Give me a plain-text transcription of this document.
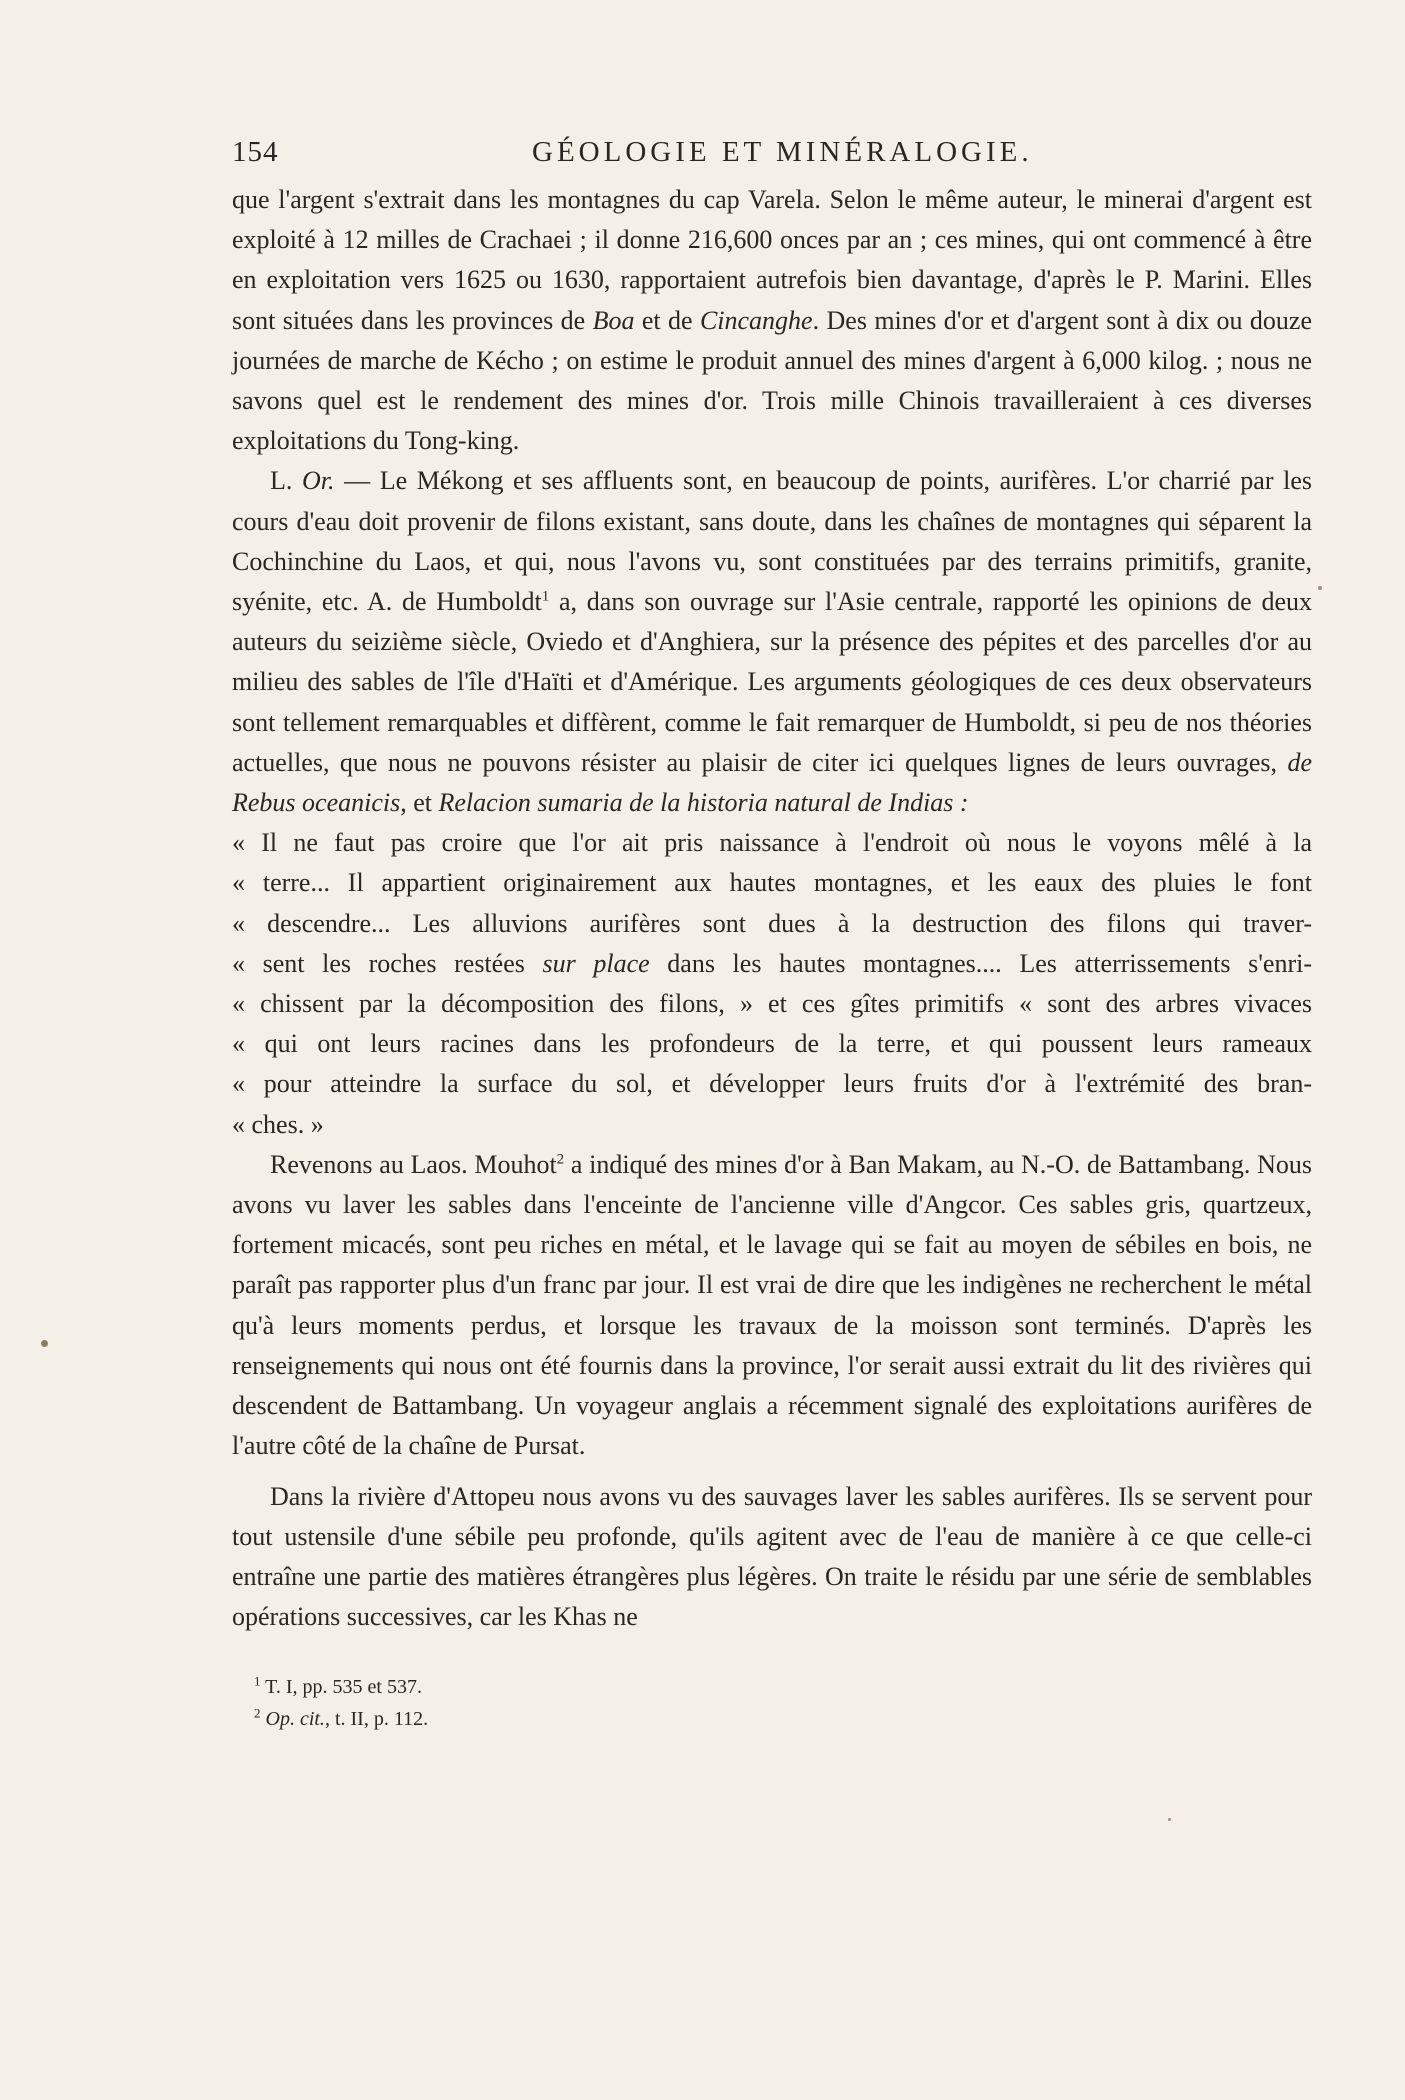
154	GÉOLOGIE ET MINÉRALOGIE.

que l'argent s'extrait dans les montagnes du cap Varela. Selon le même auteur, le minerai d'argent est exploité à 12 milles de Crachaei ; il donne 216,600 onces par an ; ces mines, qui ont commencé à être en exploitation vers 1625 ou 1630, rapportaient autrefois bien davantage, d'après le P. Marini. Elles sont situées dans les provinces de Boa et de Cincanghe. Des mines d'or et d'argent sont à dix ou douze journées de marche de Kécho ; on estime le produit annuel des mines d'argent à 6,000 kilog. ; nous ne savons quel est le rendement des mines d'or. Trois mille Chinois travailleraient à ces diverses exploitations du Tong-king.

L. Or. — Le Mékong et ses affluents sont, en beaucoup de points, aurifères. L'or charrié par les cours d'eau doit provenir de filons existant, sans doute, dans les chaînes de montagnes qui séparent la Cochinchine du Laos, et qui, nous l'avons vu, sont constituées par des terrains primitifs, granite, syénite, etc. A. de Humboldt$^1$ a, dans son ouvrage sur l'Asie centrale, rapporté les opinions de deux auteurs du seizième siècle, Oviedo et d'Anghiera, sur la présence des pépites et des parcelles d'or au milieu des sables de l'île d'Haïti et d'Amérique. Les arguments géologiques de ces deux observateurs sont tellement remarquables et diffèrent, comme le fait remarquer de Humboldt, si peu de nos théories actuelles, que nous ne pouvons résister au plaisir de citer ici quelques lignes de leurs ouvrages, de Rebus oceanicis, et Relacion sumaria de la historia natural de Indias :

« Il ne faut pas croire que l'or ait pris naissance à l'endroit où nous le voyons mêlé à la
« terre... Il appartient originairement aux hautes montagnes, et les eaux des pluies le font
« descendre... Les alluvions aurifères sont dues à la destruction des filons qui traver-
« sent les roches restées sur place dans les hautes montagnes.... Les atterrissements s'enri-
« chissent par la décomposition des filons, » et ces gîtes primitifs « sont des arbres vivaces
« qui ont leurs racines dans les profondeurs de la terre, et qui poussent leurs rameaux
« pour atteindre la surface du sol, et développer leurs fruits d'or à l'extrémité des bran-
« ches. »

Revenons au Laos. Mouhot$^2$ a indiqué des mines d'or à Ban Makam, au N.-O. de Battambang. Nous avons vu laver les sables dans l'enceinte de l'ancienne ville d'Angcor. Ces sables gris, quartzeux, fortement micacés, sont peu riches en métal, et le lavage qui se fait au moyen de sébiles en bois, ne paraît pas rapporter plus d'un franc par jour. Il est vrai de dire que les indigènes ne recherchent le métal qu'à leurs moments perdus, et lorsque les travaux de la moisson sont terminés. D'après les renseignements qui nous ont été fournis dans la province, l'or serait aussi extrait du lit des rivières qui descendent de Battambang. Un voyageur anglais a récemment signalé des exploitations aurifères de l'autre côté de la chaîne de Pursat.

Dans la rivière d'Attopeu nous avons vu des sauvages laver les sables aurifères. Ils se servent pour tout ustensile d'une sébile peu profonde, qu'ils agitent avec de l'eau de manière à ce que celle-ci entraîne une partie des matières étrangères plus légères. On traite le résidu par une série de semblables opérations successives, car les Khas ne

$^1$ T. I, pp. 535 et 537.
$^2$ Op. cit., t. II, p. 112.
